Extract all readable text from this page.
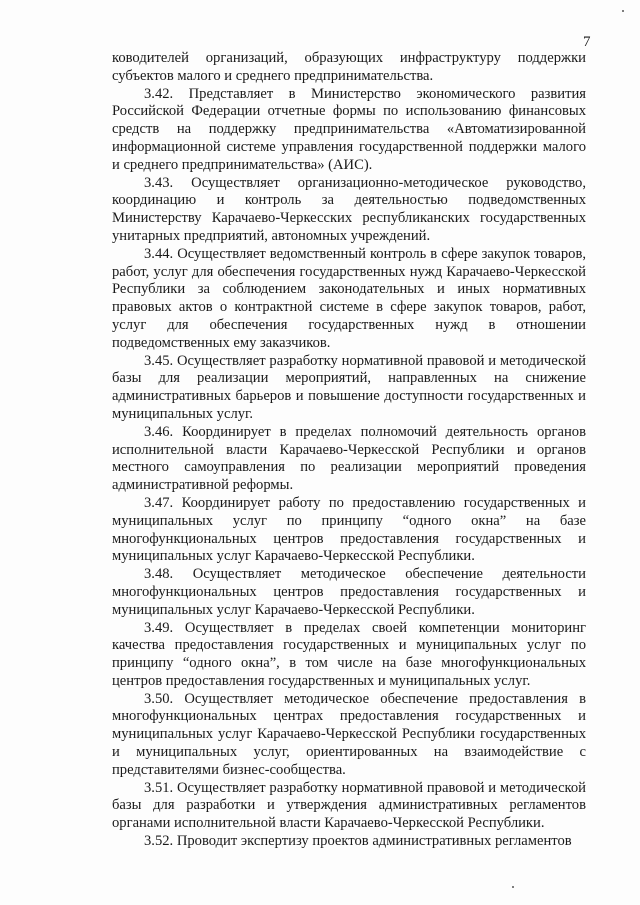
7

ководителей организаций, образующих инфраструктуру поддержки субъектов малого и среднего предпринимательства.

3.42. Представляет в Министерство экономического развития Российской Федерации отчетные формы по использованию финансовых средств на поддержку предпринимательства «Автоматизированной информационной системе управления государственной поддержки малого и среднего предпринимательства» (АИС).

3.43. Осуществляет организационно-методическое руководство, координацию и контроль за деятельностью подведомственных Министерству Карачаево-Черкесских республиканских государственных унитарных предприятий, автономных учреждений.

3.44. Осуществляет ведомственный контроль в сфере закупок товаров, работ, услуг для обеспечения государственных нужд Карачаево-Черкесской Республики за соблюдением законодательных и иных нормативных правовых актов о контрактной системе в сфере закупок товаров, работ, услуг для обеспечения государственных нужд в отношении подведомственных ему заказчиков.

3.45. Осуществляет разработку нормативной правовой и методической базы для реализации мероприятий, направленных на снижение административных барьеров и повышение доступности государственных и муниципальных услуг.

3.46. Координирует в пределах полномочий деятельность органов исполнительной власти Карачаево-Черкесской Республики и органов местного самоуправления по реализации мероприятий проведения административной реформы.

3.47. Координирует работу по предоставлению государственных и муниципальных услуг по принципу “одного окна” на базе многофункциональных центров предоставления государственных и муниципальных услуг Карачаево-Черкесской Республики.

3.48. Осуществляет методическое обеспечение деятельности многофункциональных центров предоставления государственных и муниципальных услуг Карачаево-Черкесской Республики.

3.49. Осуществляет в пределах своей компетенции мониторинг качества предоставления государственных и муниципальных услуг по принципу “одного окна”, в том числе на базе многофункциональных центров предоставления государственных и муниципальных услуг.

3.50. Осуществляет методическое обеспечение предоставления в многофункциональных центрах предоставления государственных и муниципальных услуг Карачаево-Черкесской Республики государственных и муниципальных услуг, ориентированных на взаимодействие с представителями бизнес-сообщества.

3.51. Осуществляет разработку нормативной правовой и методической базы для разработки и утверждения административных регламентов органами исполнительной власти Карачаево-Черкесской Республики.

3.52. Проводит экспертизу проектов административных регламентов
